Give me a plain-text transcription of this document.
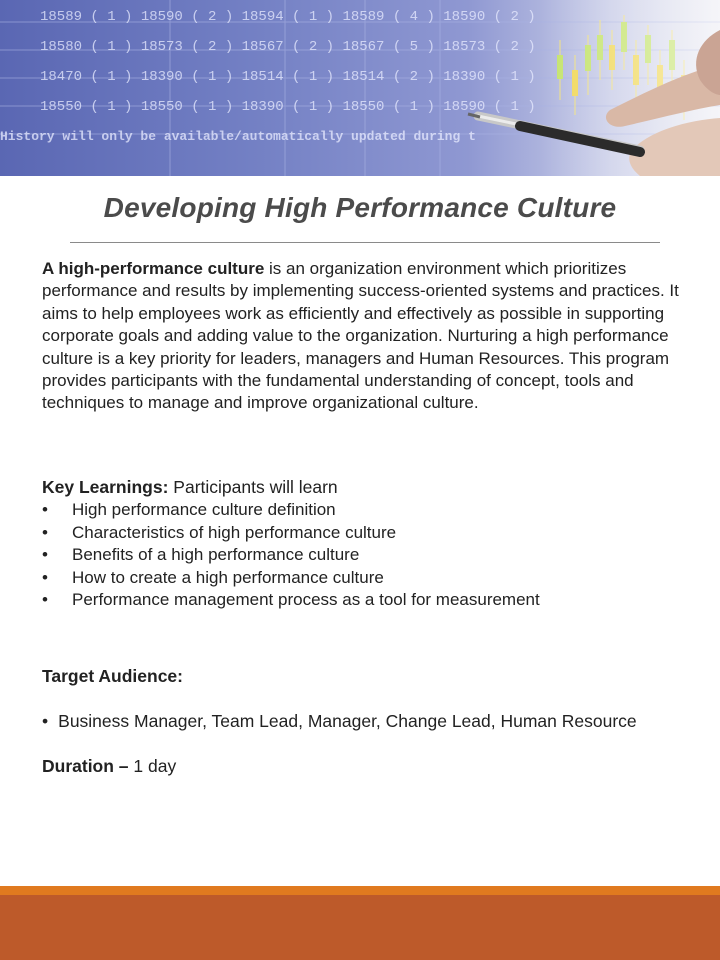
Developing High Performance Culture

A high-performance culture is an organization environment which prioritizes performance and results by implementing success-oriented systems and practices. It aims to help employees work as efficiently and effectively as possible in supporting corporate goals and adding value to the organization. Nurturing a high performance culture is a key priority for leaders, managers and Human Resources. This program provides participants with the fundamental understanding of concept, tools and techniques to manage and improve organizational culture.

Key Learnings: Participants will learn
• High performance culture definition
• Characteristics of high performance culture
• Benefits of a high performance culture
• How to create a high performance culture
• Performance management process as a tool for measurement

Target Audience:

• Business Manager, Team Lead, Manager, Change Lead, Human Resource

Duration – 1 day
